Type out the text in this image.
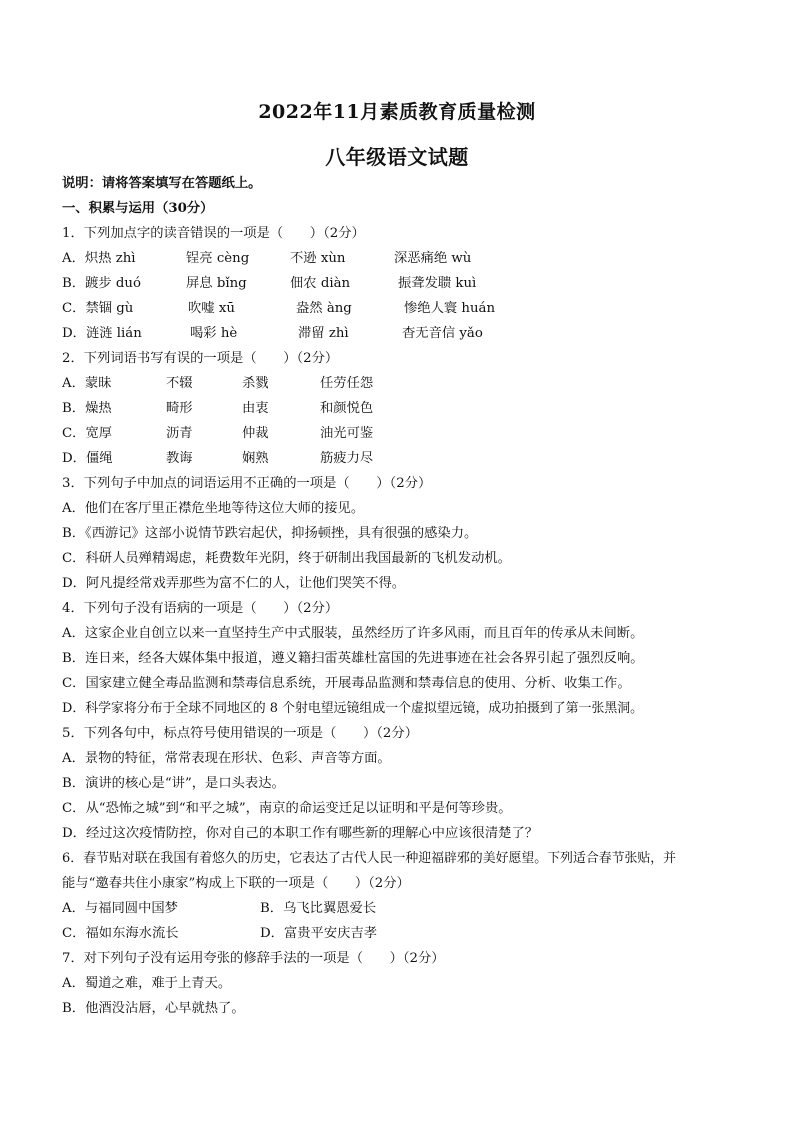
2022年11月素质教育质量检测
八年级语文试题
说明：请将答案填写在答题纸上。
一、积累与运用（30分）
1．下列加点字的读音错误的一项是（　　）（2分）
A．炽热 zhì	锃亮 cèng	不逊 xùn	深恶痛绝 wù
B．踱步 duó	屏息 bǐng	佃农 diàn	振聋发聩 kuì
C．禁锢 gù	吹嘘 xū	盎然 àng	惨绝人寰 huán
D．涟涟 lián	喝彩 hè	滞留 zhì	杳无音信 yǎo
2．下列词语书写有误的一项是（　　）（2分）
A．蒙昧	不辍	杀戮	任劳任怨
B．燥热	畸形	由衷	和颜悦色
C．宽厚	沥青	仲裁	油光可鉴
D．僵绳	教诲	娴熟	筋疲力尽
3．下列句子中加点的词语运用不正确的一项是（　　）（2分）
A．他们在客厅里正襟危坐地等待这位大师的接见。
B．《西游记》这部小说情节跌宕起伏，抑扬顿挫，具有很强的感染力。
C．科研人员殚精竭虑，耗费数年光阴，终于研制出我国最新的飞机发动机。
D．阿凡提经常戏弄那些为富不仁的人，让他们哭笑不得。
4．下列句子没有语病的一项是（　　）（2分）
A．这家企业自创立以来一直坚持生产中式服装，虽然经历了许多风雨，而且百年的传承从未间断。
B．连日来，经各大媒体集中报道，遵义籍扫雷英雄杜富国的先进事迹在社会各界引起了强烈反响。
C．国家建立健全毒品监测和禁毒信息系统，开展毒品监测和禁毒信息的使用、分析、收集工作。
D．科学家将分布于全球不同地区的 8 个射电望远镜组成一个虚拟望远镜，成功拍摄到了第一张黑洞。
5．下列各句中，标点符号使用错误的一项是（　　）（2分）
A．景物的特征，常常表现在形状、色彩、声音等方面。
B．演讲的核心是“讲”，是口头表达。
C．从“恐怖之城”到“和平之城”，南京的命运变迁足以证明和平是何等珍贵。
D．经过这次疫情防控，你对自己的本职工作有哪些新的理解心中应该很清楚了？
6．春节贴对联在我国有着悠久的历史，它表达了古代人民一种迎福辟邪的美好愿望。下列适合春节张贴，并
能与“邀春共住小康家”构成上下联的一项是（　　）（2分）
A．与福同圆中国梦	B．乌飞比翼恩爱长
C．福如东海水流长	D．富贵平安庆吉孝
7．对下列句子没有运用夸张的修辞手法的一项是（　　）（2分）
A．蜀道之难，难于上青天。
B．他酒没沾唇，心早就热了。
